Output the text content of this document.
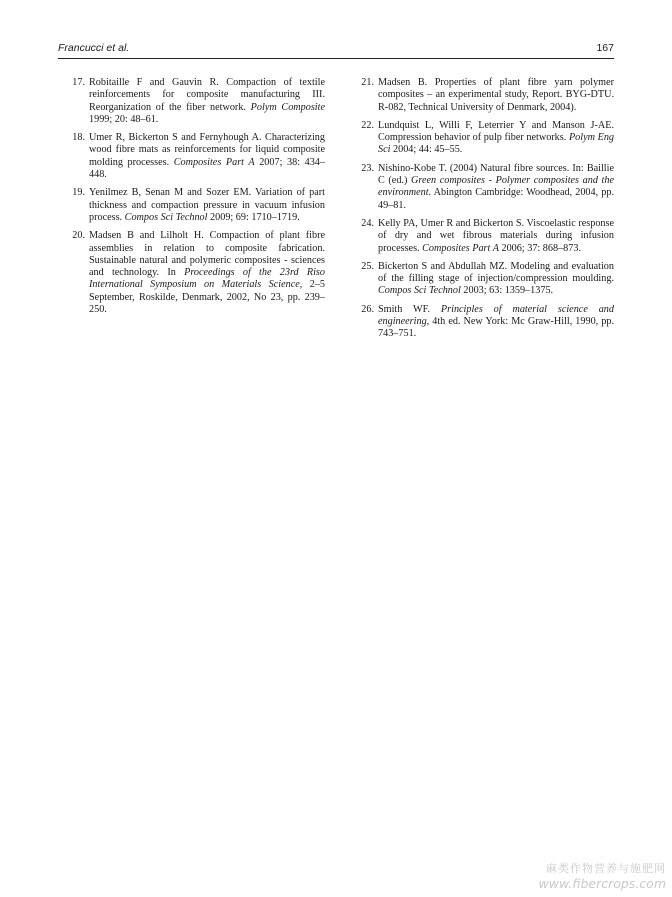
Francucci et al.	167
17. Robitaille F and Gauvin R. Compaction of textile reinforcements for composite manufacturing III. Reorganization of the fiber network. Polym Composite 1999; 20: 48–61.
18. Umer R, Bickerton S and Fernyhough A. Characterizing wood fibre mats as reinforcements for liquid composite molding processes. Composites Part A 2007; 38: 434–448.
19. Yenilmez B, Senan M and Sozer EM. Variation of part thickness and compaction pressure in vacuum infusion process. Compos Sci Technol 2009; 69: 1710–1719.
20. Madsen B and Lilholt H. Compaction of plant fibre assemblies in relation to composite fabrication. Sustainable natural and polymeric composites - sciences and technology. In Proceedings of the 23rd Riso International Symposium on Materials Science, 2–5 September, Roskilde, Denmark, 2002, No 23, pp. 239–250.
21. Madsen B. Properties of plant fibre yarn polymer composites – an experimental study, Report. BYG-DTU. R-082, Technical University of Denmark, 2004).
22. Lundquist L, Willi F, Leterrier Y and Manson J-AE. Compression behavior of pulp fiber networks. Polym Eng Sci 2004; 44: 45–55.
23. Nishino-Kobe T. (2004) Natural fibre sources. In: Baillie C (ed.) Green composites - Polymer composites and the environment. Abington Cambridge: Woodhead, 2004, pp. 49–81.
24. Kelly PA, Umer R and Bickerton S. Viscoelastic response of dry and wet fibrous materials during infusion processes. Composites Part A 2006; 37: 868–873.
25. Bickerton S and Abdullah MZ. Modeling and evaluation of the filling stage of injection/compression moulding. Compos Sci Technol 2003; 63: 1359–1375.
26. Smith WF. Principles of material science and engineering, 4th ed. New York: Mc Graw-Hill, 1990, pp. 743–751.
麻类作物营养与施肥网
www.fibercrops.com
